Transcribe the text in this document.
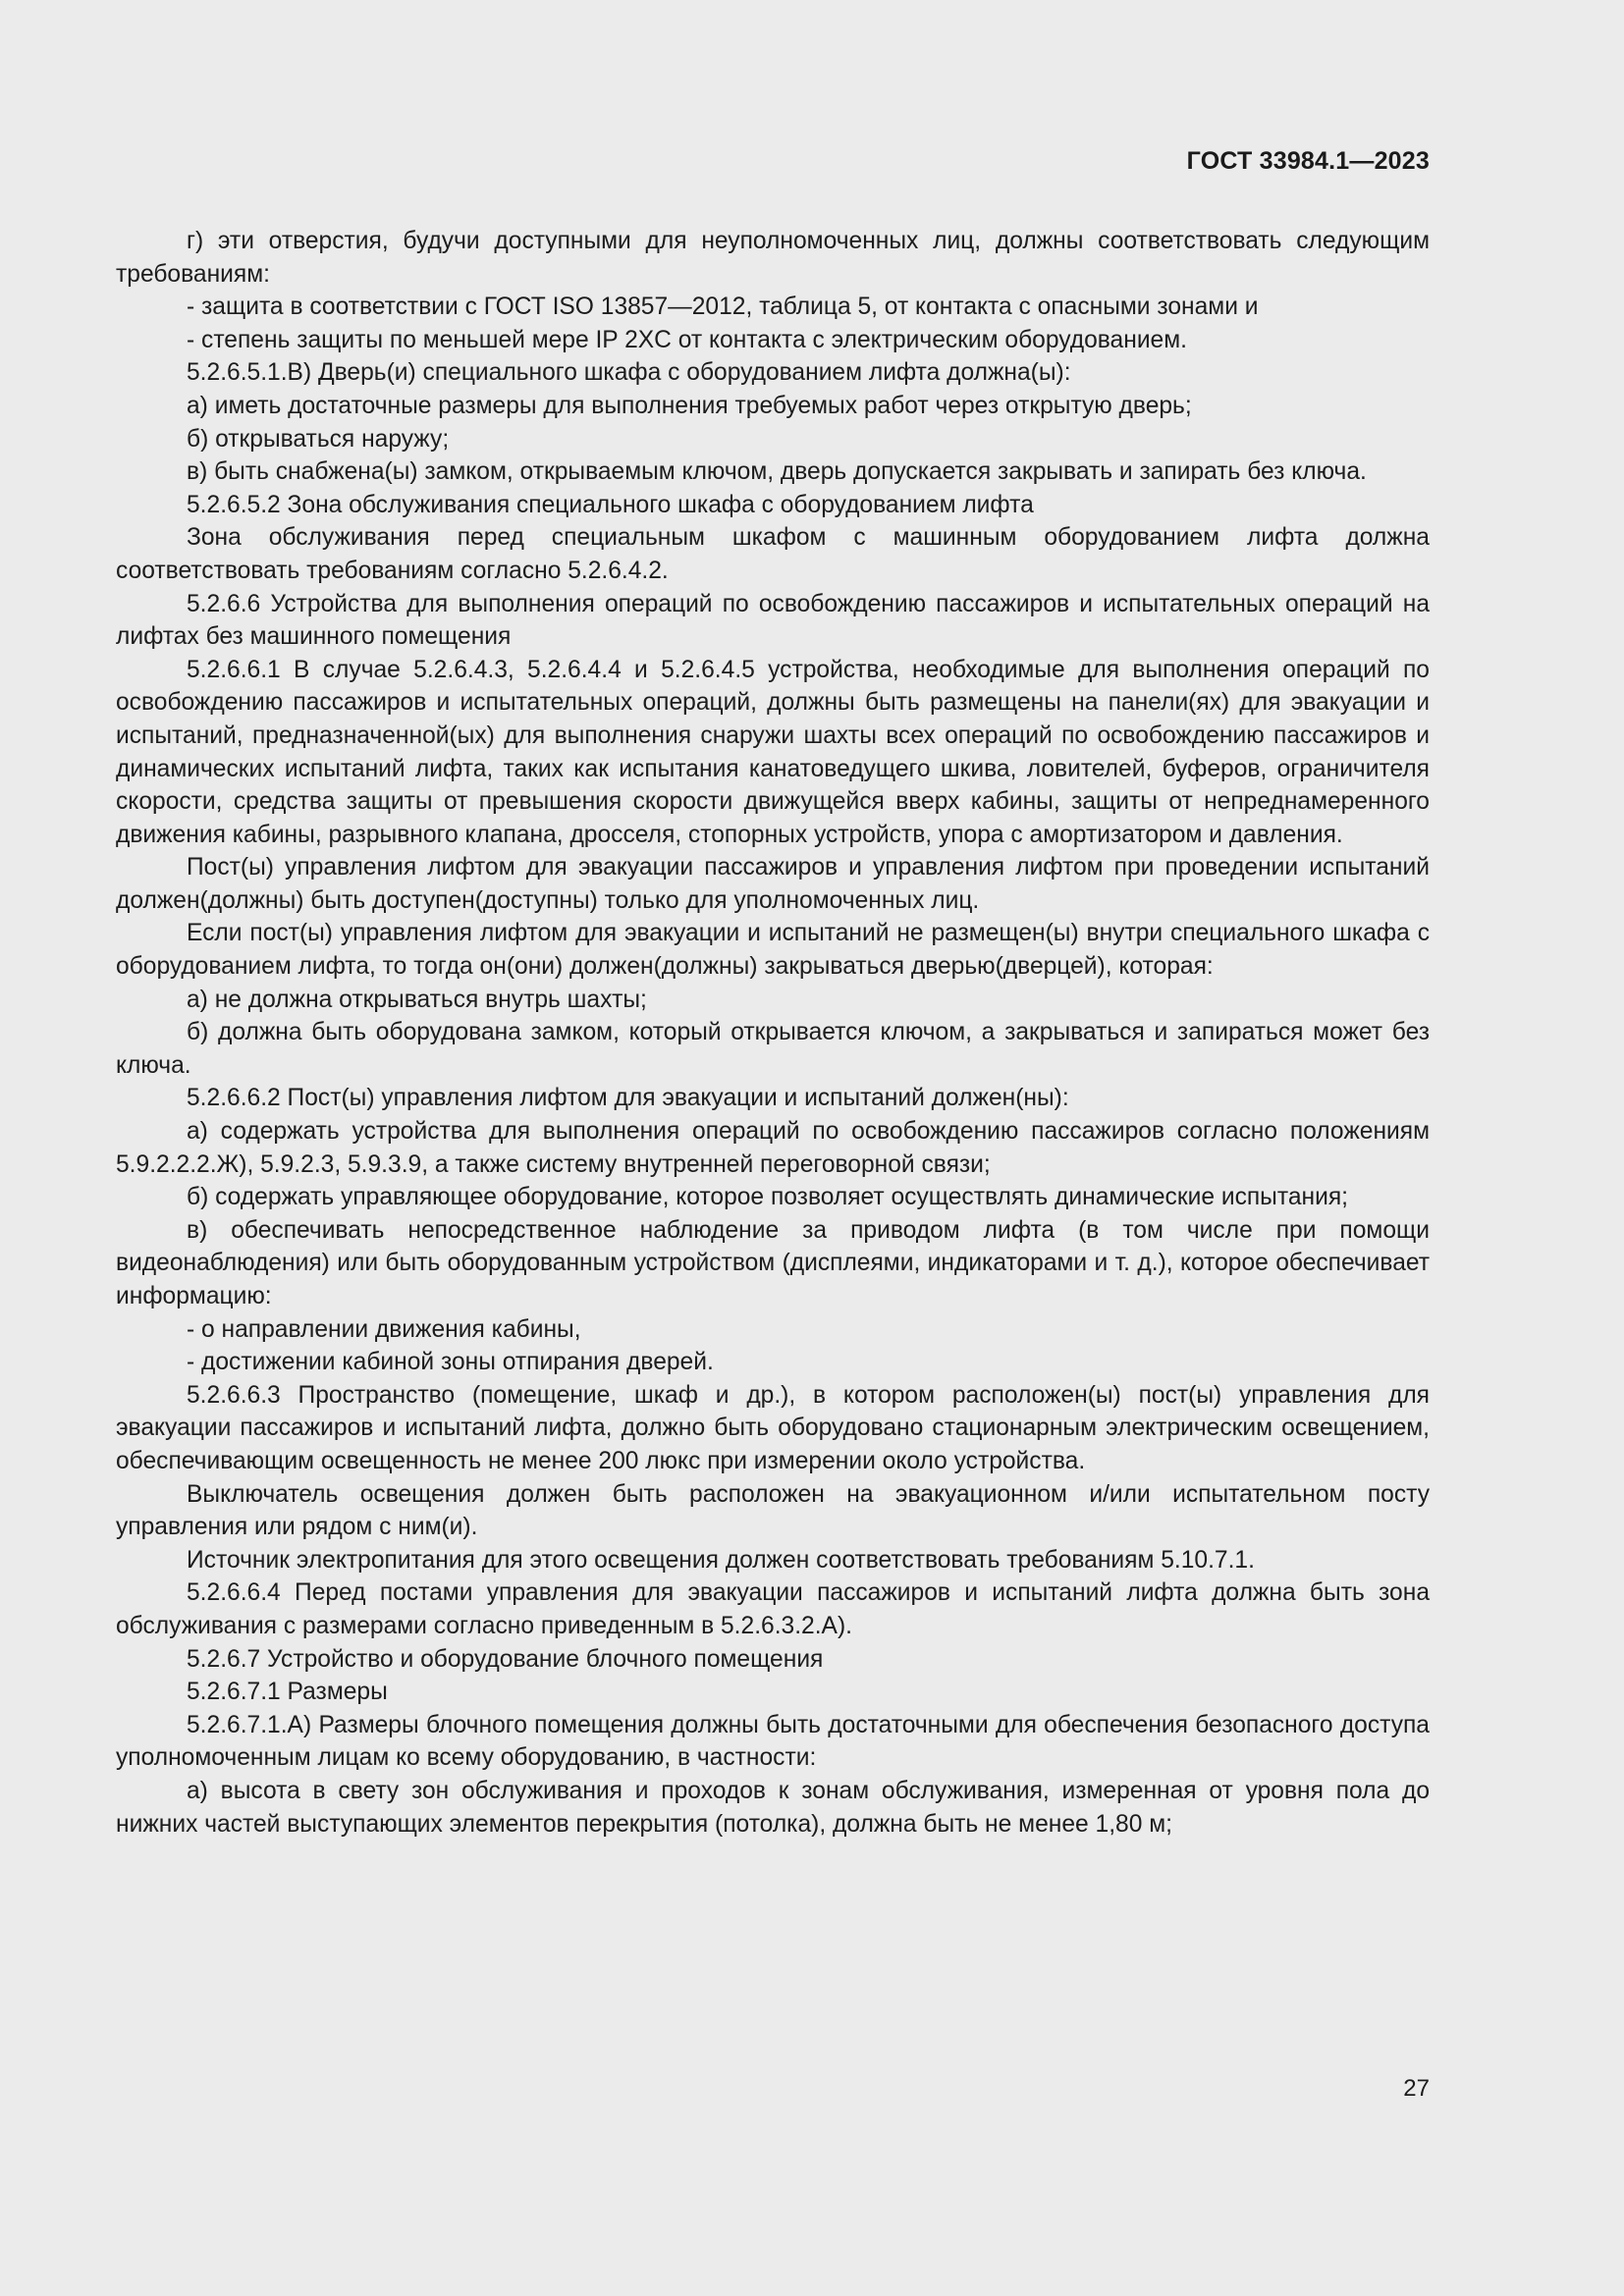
ГОСТ 33984.1—2023

г) эти отверстия, будучи доступными для неуполномоченных лиц, должны соответствовать следующим требованиям:

- защита в соответствии с ГОСТ ISO 13857—2012, таблица 5, от контакта с опасными зонами и

- степень защиты по меньшей мере IP 2XC от контакта с электрическим оборудованием.

5.2.6.5.1.B) Дверь(и) специального шкафа с оборудованием лифта должна(ы):

а) иметь достаточные размеры для выполнения требуемых работ через открытую дверь;

б) открываться наружу;

в) быть снабжена(ы) замком, открываемым ключом, дверь допускается закрывать и запирать без ключа.

5.2.6.5.2 Зона обслуживания специального шкафа с оборудованием лифта

Зона обслуживания перед специальным шкафом с машинным оборудованием лифта должна соответствовать требованиям согласно 5.2.6.4.2.

5.2.6.6 Устройства для выполнения операций по освобождению пассажиров и испытательных операций на лифтах без машинного помещения

5.2.6.6.1 В случае 5.2.6.4.3, 5.2.6.4.4 и 5.2.6.4.5 устройства, необходимые для выполнения операций по освобождению пассажиров и испытательных операций, должны быть размещены на панели(ях) для эвакуации и испытаний, предназначенной(ых) для выполнения снаружи шахты всех операций по освобождению пассажиров и динамических испытаний лифта, таких как испытания канатоведущего шкива, ловителей, буферов, ограничителя скорости, средства защиты от превышения скорости движущейся вверх кабины, защиты от непреднамеренного движения кабины, разрывного клапана, дросселя, стопорных устройств, упора с амортизатором и давления.

Пост(ы) управления лифтом для эвакуации пассажиров и управления лифтом при проведении испытаний должен(должны) быть доступен(доступны) только для уполномоченных лиц.

Если пост(ы) управления лифтом для эвакуации и испытаний не размещен(ы) внутри специального шкафа с оборудованием лифта, то тогда он(они) должен(должны) закрываться дверью(дверцей), которая:

а) не должна открываться внутрь шахты;

б) должна быть оборудована замком, который открывается ключом, а закрываться и запираться может без ключа.

5.2.6.6.2 Пост(ы) управления лифтом для эвакуации и испытаний должен(ны):

а) содержать устройства для выполнения операций по освобождению пассажиров согласно положениям 5.9.2.2.2.Ж), 5.9.2.3, 5.9.3.9, а также систему внутренней переговорной связи;

б) содержать управляющее оборудование, которое позволяет осуществлять динамические испытания;

в) обеспечивать непосредственное наблюдение за приводом лифта (в том числе при помощи видеонаблюдения) или быть оборудованным устройством (дисплеями, индикаторами и т. д.), которое обеспечивает информацию:

- о направлении движения кабины,

- достижении кабиной зоны отпирания дверей.

5.2.6.6.3 Пространство (помещение, шкаф и др.), в котором расположен(ы) пост(ы) управления для эвакуации пассажиров и испытаний лифта, должно быть оборудовано стационарным электрическим освещением, обеспечивающим освещенность не менее 200 люкс при измерении около устройства.

Выключатель освещения должен быть расположен на эвакуационном и/или испытательном посту управления или рядом с ним(и).

Источник электропитания для этого освещения должен соответствовать требованиям 5.10.7.1.

5.2.6.6.4 Перед постами управления для эвакуации пассажиров и испытаний лифта должна быть зона обслуживания с размерами согласно приведенным в 5.2.6.3.2.А).

5.2.6.7 Устройство и оборудование блочного помещения

5.2.6.7.1 Размеры

5.2.6.7.1.А) Размеры блочного помещения должны быть достаточными для обеспечения безопасного доступа уполномоченным лицам ко всему оборудованию, в частности:

а) высота в свету зон обслуживания и проходов к зонам обслуживания, измеренная от уровня пола до нижних частей выступающих элементов перекрытия (потолка), должна быть не менее 1,80 м;

27
